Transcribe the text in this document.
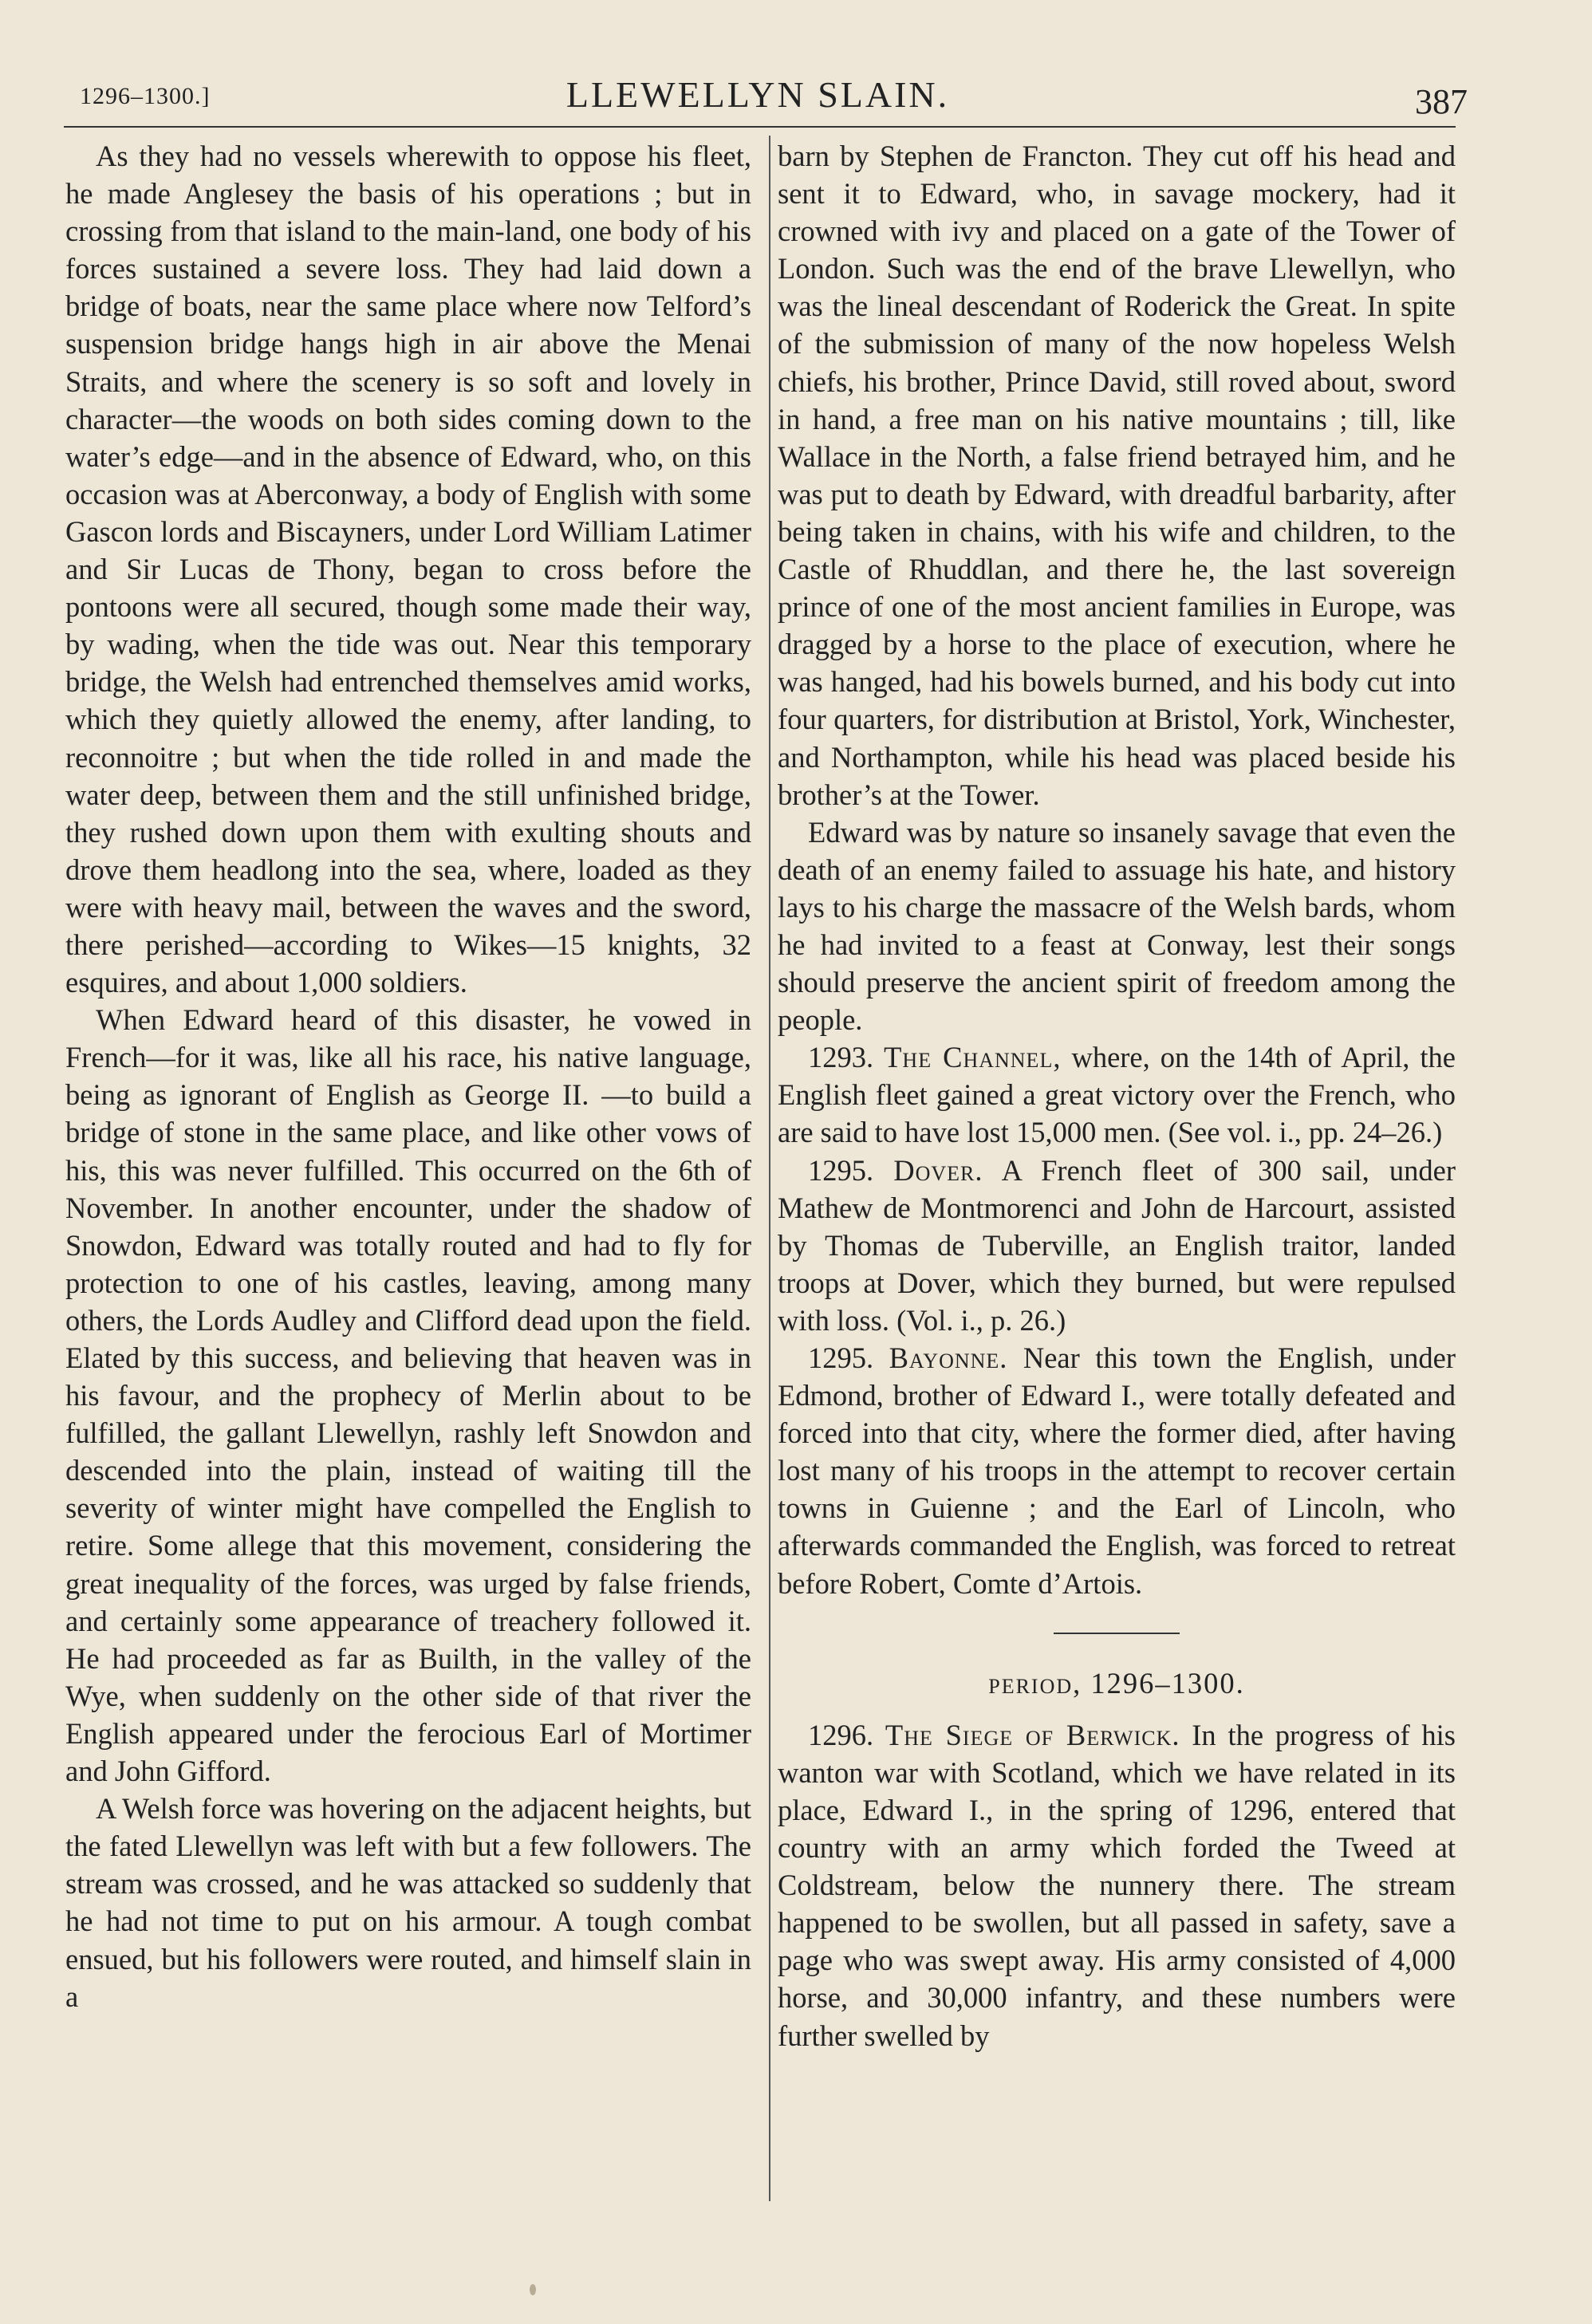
1296–1300.]	LLEWELLYN SLAIN.	387

As they had no vessels wherewith to oppose his fleet, he made Anglesey the basis of his operations ; but in crossing from that island to the main-land, one body of his forces sustained a severe loss. They had laid down a bridge of boats, near the same place where now Telford’s suspension bridge hangs high in air above the Menai Straits, and where the scenery is so soft and lovely in character—the woods on both sides coming down to the water’s edge—and in the absence of Edward, who, on this occasion was at Aberconway, a body of English with some Gascon lords and Biscayners, under Lord William Latimer and Sir Lucas de Thony, began to cross before the pontoons were all secured, though some made their way, by wading, when the tide was out. Near this temporary bridge, the Welsh had entrenched themselves amid works, which they quietly allowed the enemy, after landing, to reconnoitre ; but when the tide rolled in and made the water deep, between them and the still unfinished bridge, they rushed down upon them with exulting shouts and drove them headlong into the sea, where, loaded as they were with heavy mail, between the waves and the sword, there perished—according to Wikes—15 knights, 32 esquires, and about 1,000 soldiers.

When Edward heard of this disaster, he vowed in French—for it was, like all his race, his native language, being as ignorant of English as George II. —to build a bridge of stone in the same place, and like other vows of his, this was never fulfilled. This occurred on the 6th of November. In another encounter, under the shadow of Snowdon, Edward was totally routed and had to fly for protection to one of his castles, leaving, among many others, the Lords Audley and Clifford dead upon the field. Elated by this success, and believing that heaven was in his favour, and the prophecy of Merlin about to be fulfilled, the gallant Llewellyn, rashly left Snowdon and descended into the plain, instead of waiting till the severity of winter might have compelled the English to retire. Some allege that this movement, considering the great inequality of the forces, was urged by false friends, and certainly some appearance of treachery followed it. He had proceeded as far as Builth, in the valley of the Wye, when suddenly on the other side of that river the English appeared under the ferocious Earl of Mortimer and John Gifford.

A Welsh force was hovering on the adjacent heights, but the fated Llewellyn was left with but a few followers. The stream was crossed, and he was attacked so suddenly that he had not time to put on his armour. A tough combat ensued, but his followers were routed, and himself slain in a

barn by Stephen de Francton. They cut off his head and sent it to Edward, who, in savage mockery, had it crowned with ivy and placed on a gate of the Tower of London. Such was the end of the brave Llewellyn, who was the lineal descendant of Roderick the Great. In spite of the submission of many of the now hopeless Welsh chiefs, his brother, Prince David, still roved about, sword in hand, a free man on his native mountains ; till, like Wallace in the North, a false friend betrayed him, and he was put to death by Edward, with dreadful barbarity, after being taken in chains, with his wife and children, to the Castle of Rhuddlan, and there he, the last sovereign prince of one of the most ancient families in Europe, was dragged by a horse to the place of execution, where he was hanged, had his bowels burned, and his body cut into four quarters, for distribution at Bristol, York, Winchester, and Northampton, while his head was placed beside his brother’s at the Tower.

Edward was by nature so insanely savage that even the death of an enemy failed to assuage his hate, and history lays to his charge the massacre of the Welsh bards, whom he had invited to a feast at Conway, lest their songs should preserve the ancient spirit of freedom among the people.

1293. The Channel, where, on the 14th of April, the English fleet gained a great victory over the French, who are said to have lost 15,000 men. (See vol. i., pp. 24–26.)

1295. Dover. A French fleet of 300 sail, under Mathew de Montmorenci and John de Harcourt, assisted by Thomas de Tuberville, an English traitor, landed troops at Dover, which they burned, but were repulsed with loss. (Vol. i., p. 26.)

1295. Bayonne. Near this town the English, under Edmond, brother of Edward I., were totally defeated and forced into that city, where the former died, after having lost many of his troops in the attempt to recover certain towns in Guienne ; and the Earl of Lincoln, who afterwards commanded the English, was forced to retreat before Robert, Comte d’Artois.

period, 1296–1300.

1296. The Siege of Berwick. In the progress of his wanton war with Scotland, which we have related in its place, Edward I., in the spring of 1296, entered that country with an army which forded the Tweed at Coldstream, below the nunnery there. The stream happened to be swollen, but all passed in safety, save a page who was swept away. His army consisted of 4,000 horse, and 30,000 infantry, and these numbers were further swelled by
